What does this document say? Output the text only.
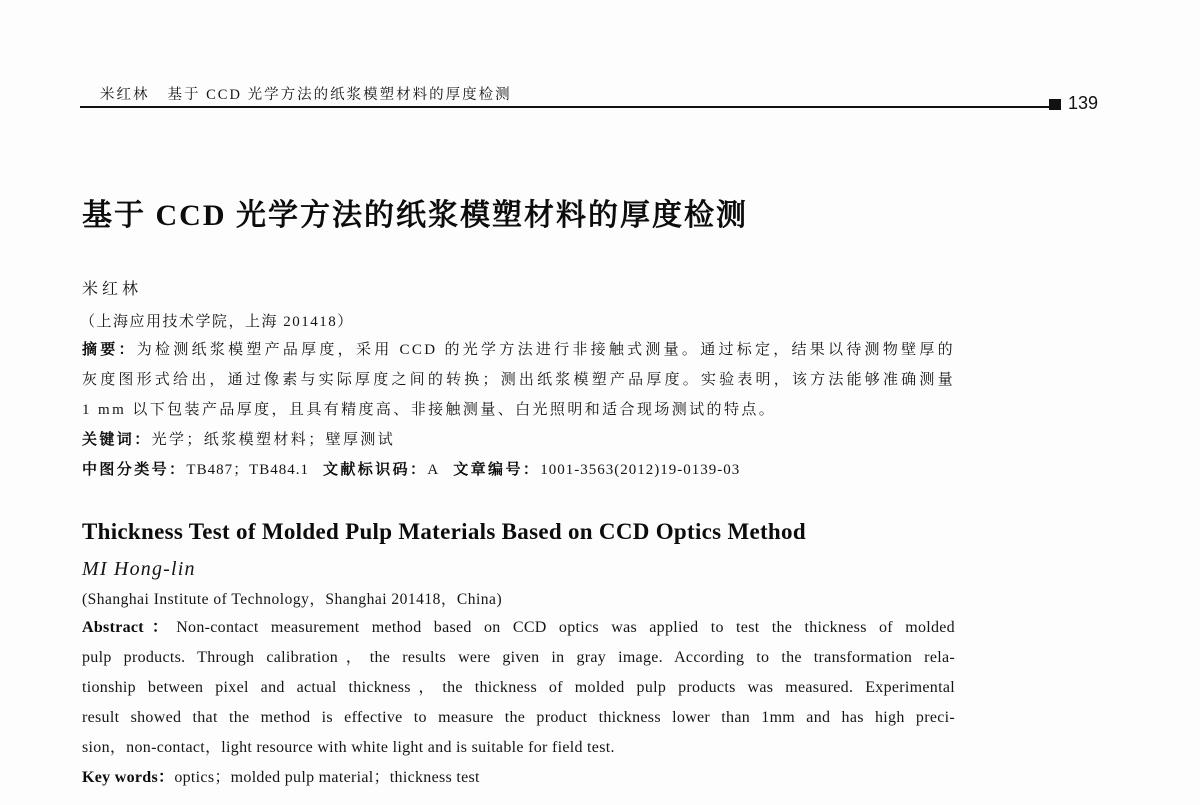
米红林 基于 CCD 光学方法的纸浆模塑材料的厚度检测	139
基于 CCD 光学方法的纸浆模塑材料的厚度检测
米红林
（上海应用技术学院，上海 201418）
摘要：为检测纸浆模塑产品厚度，采用 CCD 的光学方法进行非接触式测量。通过标定，结果以待测物壁厚的
灰度图形式给出，通过像素与实际厚度之间的转换；测出纸浆模塑产品厚度。实验表明，该方法能够准确测量
1 mm 以下包装产品厚度，且具有精度高、非接触测量、白光照明和适合现场测试的特点。
关键词：光学；纸浆模塑材料；壁厚测试
中图分类号：TB487；TB484.1 文献标识码：A 文章编号：1001-3563(2012)19-0139-03
Thickness Test of Molded Pulp Materials Based on CCD Optics Method
MI Hong-lin
(Shanghai Institute of Technology，Shanghai 201418，China)
Abstract：Non-contact measurement method based on CCD optics was applied to test the thickness of molded
pulp products. Through calibration，the results were given in gray image. According to the transformation rela-
tionship between pixel and actual thickness，the thickness of molded pulp products was measured. Experimental
result showed that the method is effective to measure the product thickness lower than 1mm and has high preci-
sion，non-contact，light resource with white light and is suitable for field test.
Key words：optics；molded pulp material；thickness test
